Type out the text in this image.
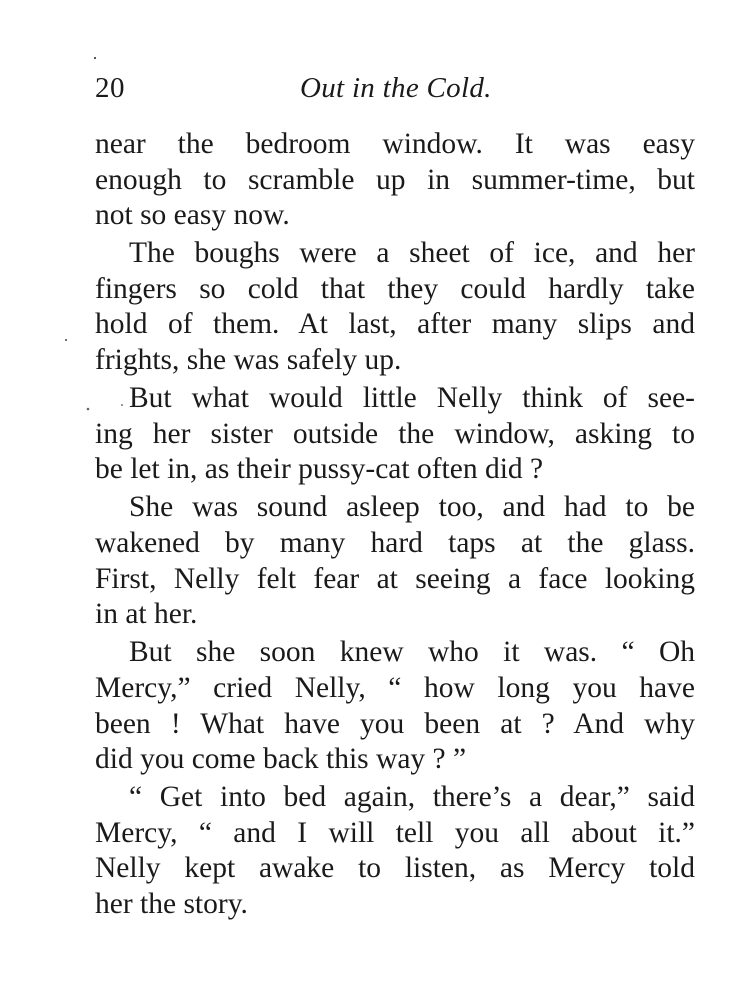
20	Out in the Cold.
near the bedroom window. It was easy
enough to scramble up in summer-time, but
not so easy now.
The boughs were a sheet of ice, and her
fingers so cold that they could hardly take
hold of them. At last, after many slips and
frights, she was safely up.
But what would little Nelly think of see-
ing her sister outside the window, asking to
be let in, as their pussy-cat often did ?
She was sound asleep too, and had to be
wakened by many hard taps at the glass.
First, Nelly felt fear at seeing a face looking
in at her.
But she soon knew who it was. “ Oh
Mercy,” cried Nelly, “ how long you have
been ! What have you been at ? And why
did you come back this way ? ”
“ Get into bed again, there’s a dear,” said
Mercy, “ and I will tell you all about it.”
Nelly kept awake to listen, as Mercy told
her the story.
